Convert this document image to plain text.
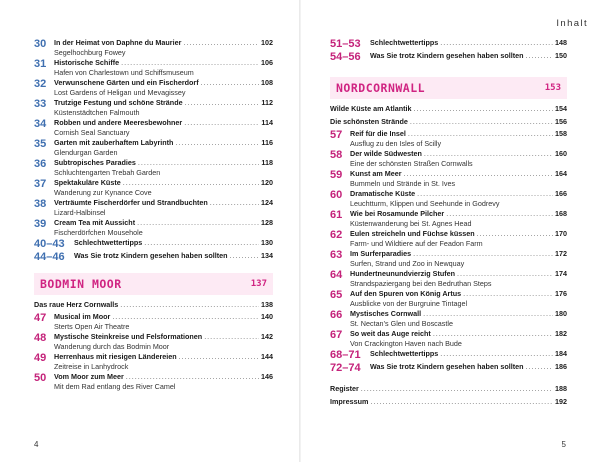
Inhalt
30	In der Heimat von Daphne du Maurier .....	102
Segelhochburg Fowey
31	Historische Schiffe .....	106
Hafen von Charlestown und Schiffsmuseum
32	Verwunschene Gärten und ein Fischerdorf .....	108
Lost Gardens of Heligan und Mevagissey
33	Trutzige Festung und schöne Strände .....	112
Küstenstädtchen Falmouth
34	Robben und andere Meeresbewohner .....	114
Cornish Seal Sanctuary
35	Garten mit zauberhaftem Labyrinth .....	116
Glendurgan Garden
36	Subtropisches Paradies .....	118
Schluchtengarten Trebah Garden
37	Spektakuläre Küste .....	120
Wanderung zur Kynance Cove
38	Verträumte Fischerdörfer und Strandbuchten .....	124
Lizard-Halbinsel
39	Cream Tea mit Aussicht .....	128
Fischerdörfchen Mousehole
40–43	Schlechtwettertipps .....	130
44–46	Was Sie trotz Kindern gesehen haben sollten .....	134
BODMIN MOOR	137
Das raue Herz Cornwalls .....	138
47	Musical im Moor .....	140
Sterts Open Air Theatre
48	Mystische Steinkreise und Felsformationen .....	142
Wanderung durch das Bodmin Moor
49	Herrenhaus mit riesigen Ländereien .....	144
Zeitreise in Lanhydrock
50	Vom Moor zum Meer .....	146
Mit dem Rad entlang des River Camel
51–53	Schlechtwettertipps .....	148
54–56	Was Sie trotz Kindern gesehen haben sollten .....	150
NORDCORNWALL	153
Wilde Küste am Atlantik .....	154
Die schönsten Strände .....	156
57	Reif für die Insel .....	158
Ausflug zu den Isles of Scilly
58	Der wilde Südwesten .....	160
Eine der schönsten Straßen Cornwalls
59	Kunst am Meer .....	164
Bummeln und Strände in St. Ives
60	Dramatische Küste .....	166
Leuchtturm, Klippen und Seehunde in Godrevy
61	Wie bei Rosamunde Pilcher .....	168
Küstenwanderung bei St. Agnes Head
62	Eulen streicheln und Füchse küssen .....	170
Farm- und Wildtiere auf der Feadon Farm
63	Im Surferparadies .....	172
Surfen, Strand und Zoo in Newquay
64	Hundertneunundvierzig Stufen .....	174
Strandspaziergang bei den Bedruthan Steps
65	Auf den Spuren von König Artus .....	176
Ausblicke von der Burgruine Tintagel
66	Mystisches Cornwall .....	180
St. Nectan’s Glen und Boscastle
67	So weit das Auge reicht .....	182
Von Crackington Haven nach Bude
68–71	Schlechtwettertipps .....	184
72–74	Was Sie trotz Kindern gesehen haben sollten .....	186
Register .....	188
Impressum .....	192
4	5
